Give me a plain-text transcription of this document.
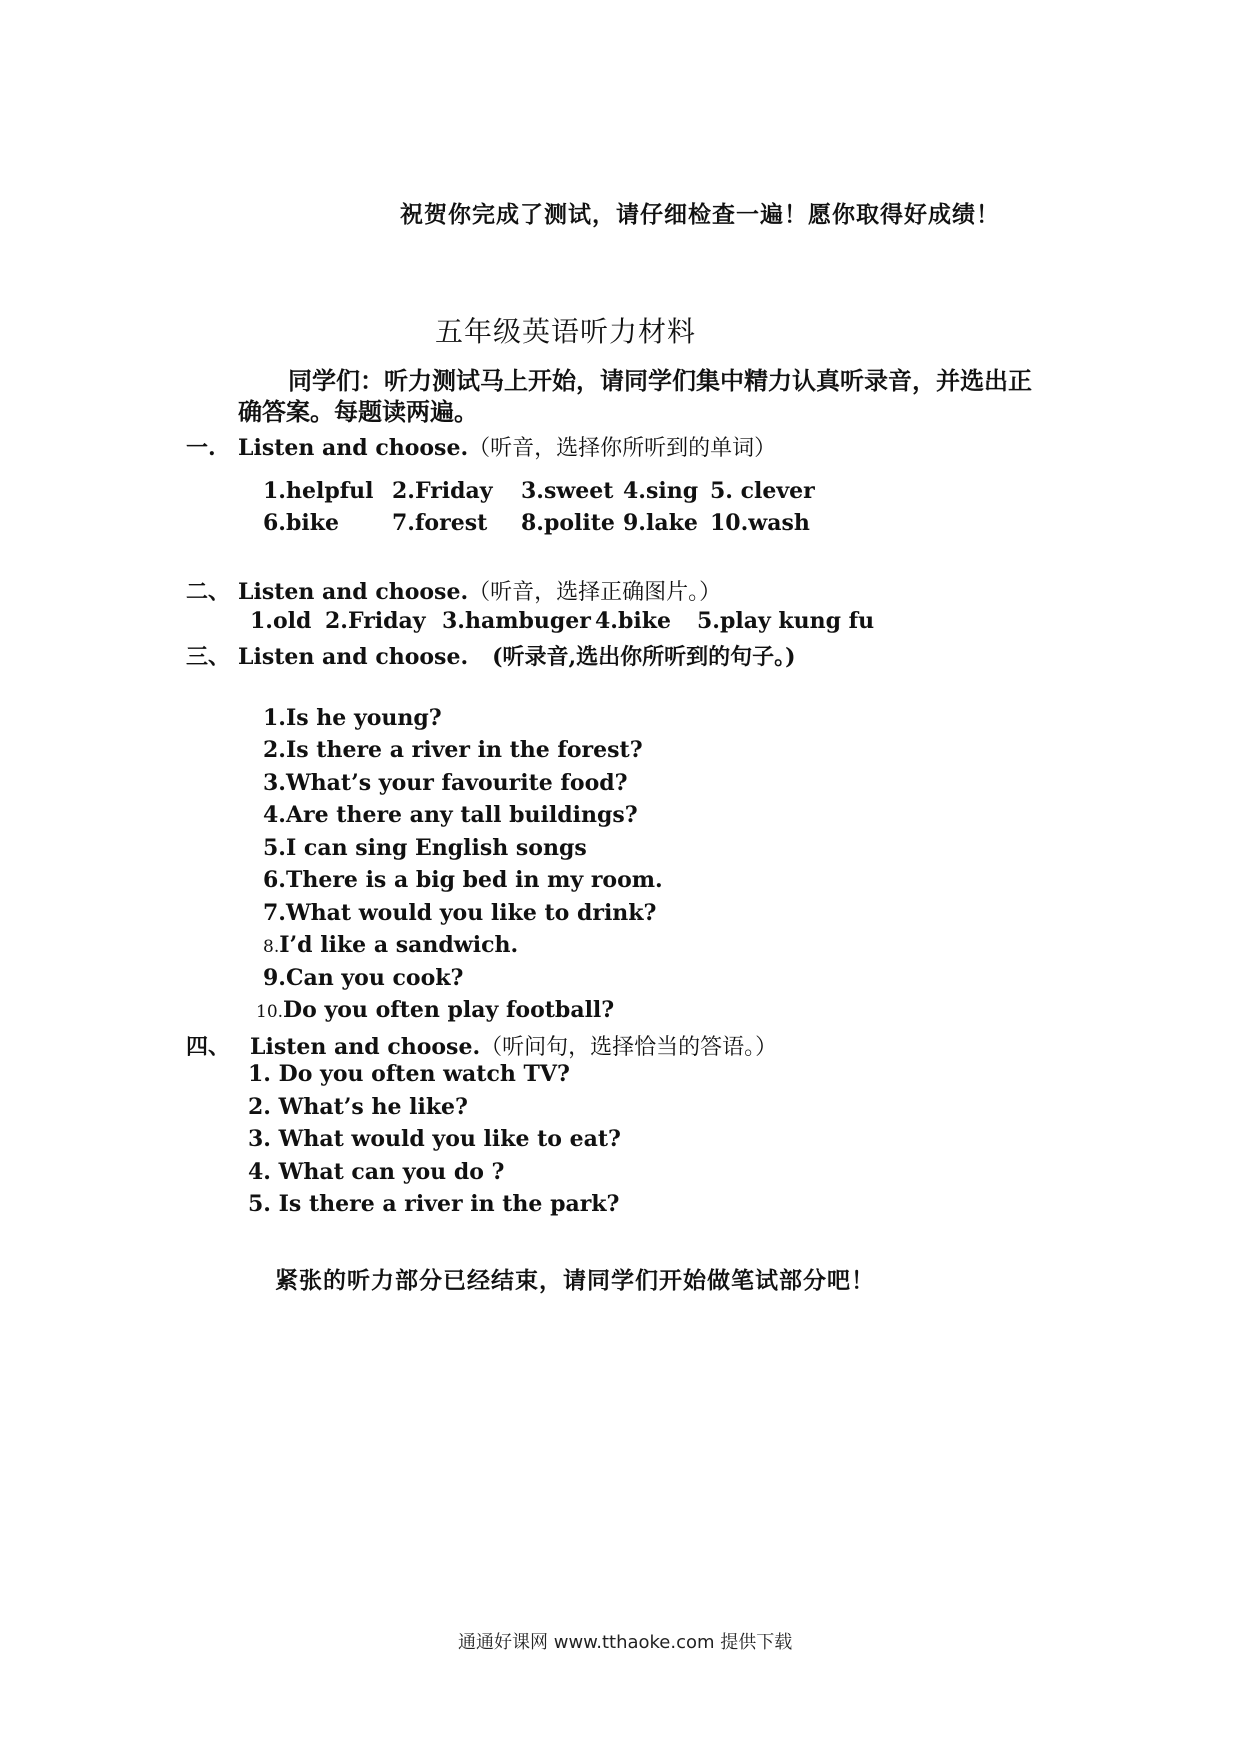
祝贺你完成了测试，请仔细检查一遍！愿你取得好成绩！
五年级英语听力材料
同学们：听力测试马上开始，请同学们集中精力认真听录音，并选出正
确答案。每题读两遍。
一. Listen and choose.（听音，选择你所听到的单词）
1.helpful 2.Friday 3.sweet 4.sing 5. clever
6.bike 7.forest 8.polite 9.lake 10.wash
二、 Listen and choose.（听音，选择正确图片。）
1.old 2.Friday 3.hambuger 4.bike 5.play kung fu
三、 Listen and choose. (听录音,选出你所听到的句子。)
1.Is he young?
2.Is there a river in the forest?
3.What’s your favourite food?
4.Are there any tall buildings?
5.I can sing English songs
6.There is a big bed in my room.
7.What would you like to drink?
8.I’d like a sandwich.
9.Can you cook?
10.Do you often play football?
四、 Listen and choose.（听问句，选择恰当的答语。）
1. Do you often watch TV?
2. What’s he like?
3. What would you like to eat?
4. What can you do ?
5. Is there a river in the park?
紧张的听力部分已经结束，请同学们开始做笔试部分吧！
通通好课网 www.tthaoke.com 提供下载
